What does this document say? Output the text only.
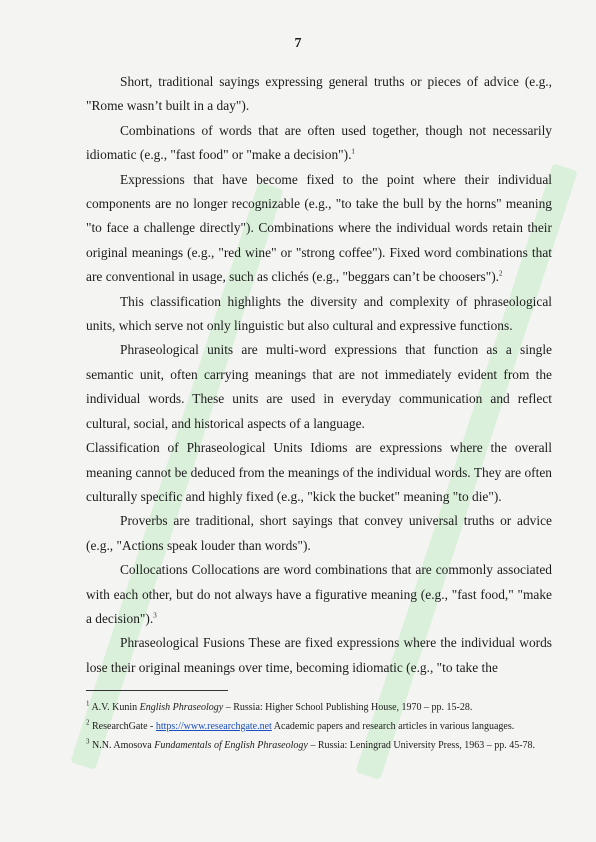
7

Short, traditional sayings expressing general truths or pieces of advice (e.g., "Rome wasn’t built in a day").

Combinations of words that are often used together, though not necessarily idiomatic (e.g., "fast food" or "make a decision").$^1$

Expressions that have become fixed to the point where their individual components are no longer recognizable (e.g., "to take the bull by the horns" meaning "to face a challenge directly"). Combinations where the individual words retain their original meanings (e.g., "red wine" or "strong coffee"). Fixed word combinations that are conventional in usage, such as clichés (e.g., "beggars can’t be choosers").$^2$

This classification highlights the diversity and complexity of phraseological units, which serve not only linguistic but also cultural and expressive functions.

Phraseological units are multi-word expressions that function as a single semantic unit, often carrying meanings that are not immediately evident from the individual words. These units are used in everyday communication and reflect cultural, social, and historical aspects of a language.

Classification of Phraseological Units Idioms are expressions where the overall meaning cannot be deduced from the meanings of the individual words. They are often culturally specific and highly fixed (e.g., "kick the bucket" meaning "to die").

Proverbs are traditional, short sayings that convey universal truths or advice (e.g., "Actions speak louder than words").

Collocations Collocations are word combinations that are commonly associated with each other, but do not always have a figurative meaning (e.g., "fast food," "make a decision").$^3$

Phraseological Fusions These are fixed expressions where the individual words lose their original meanings over time, becoming idiomatic (e.g., "to take the

$^1$ A.V. Kunin English Phraseology – Russia: Higher School Publishing House, 1970 – pp. 15-28.

$^2$ ResearchGate - https://www.researchgate.net Academic papers and research articles in various languages.

$^3$ N.N. Amosova Fundamentals of English Phraseology – Russia: Leningrad University Press, 1963 – pp. 45-78.
